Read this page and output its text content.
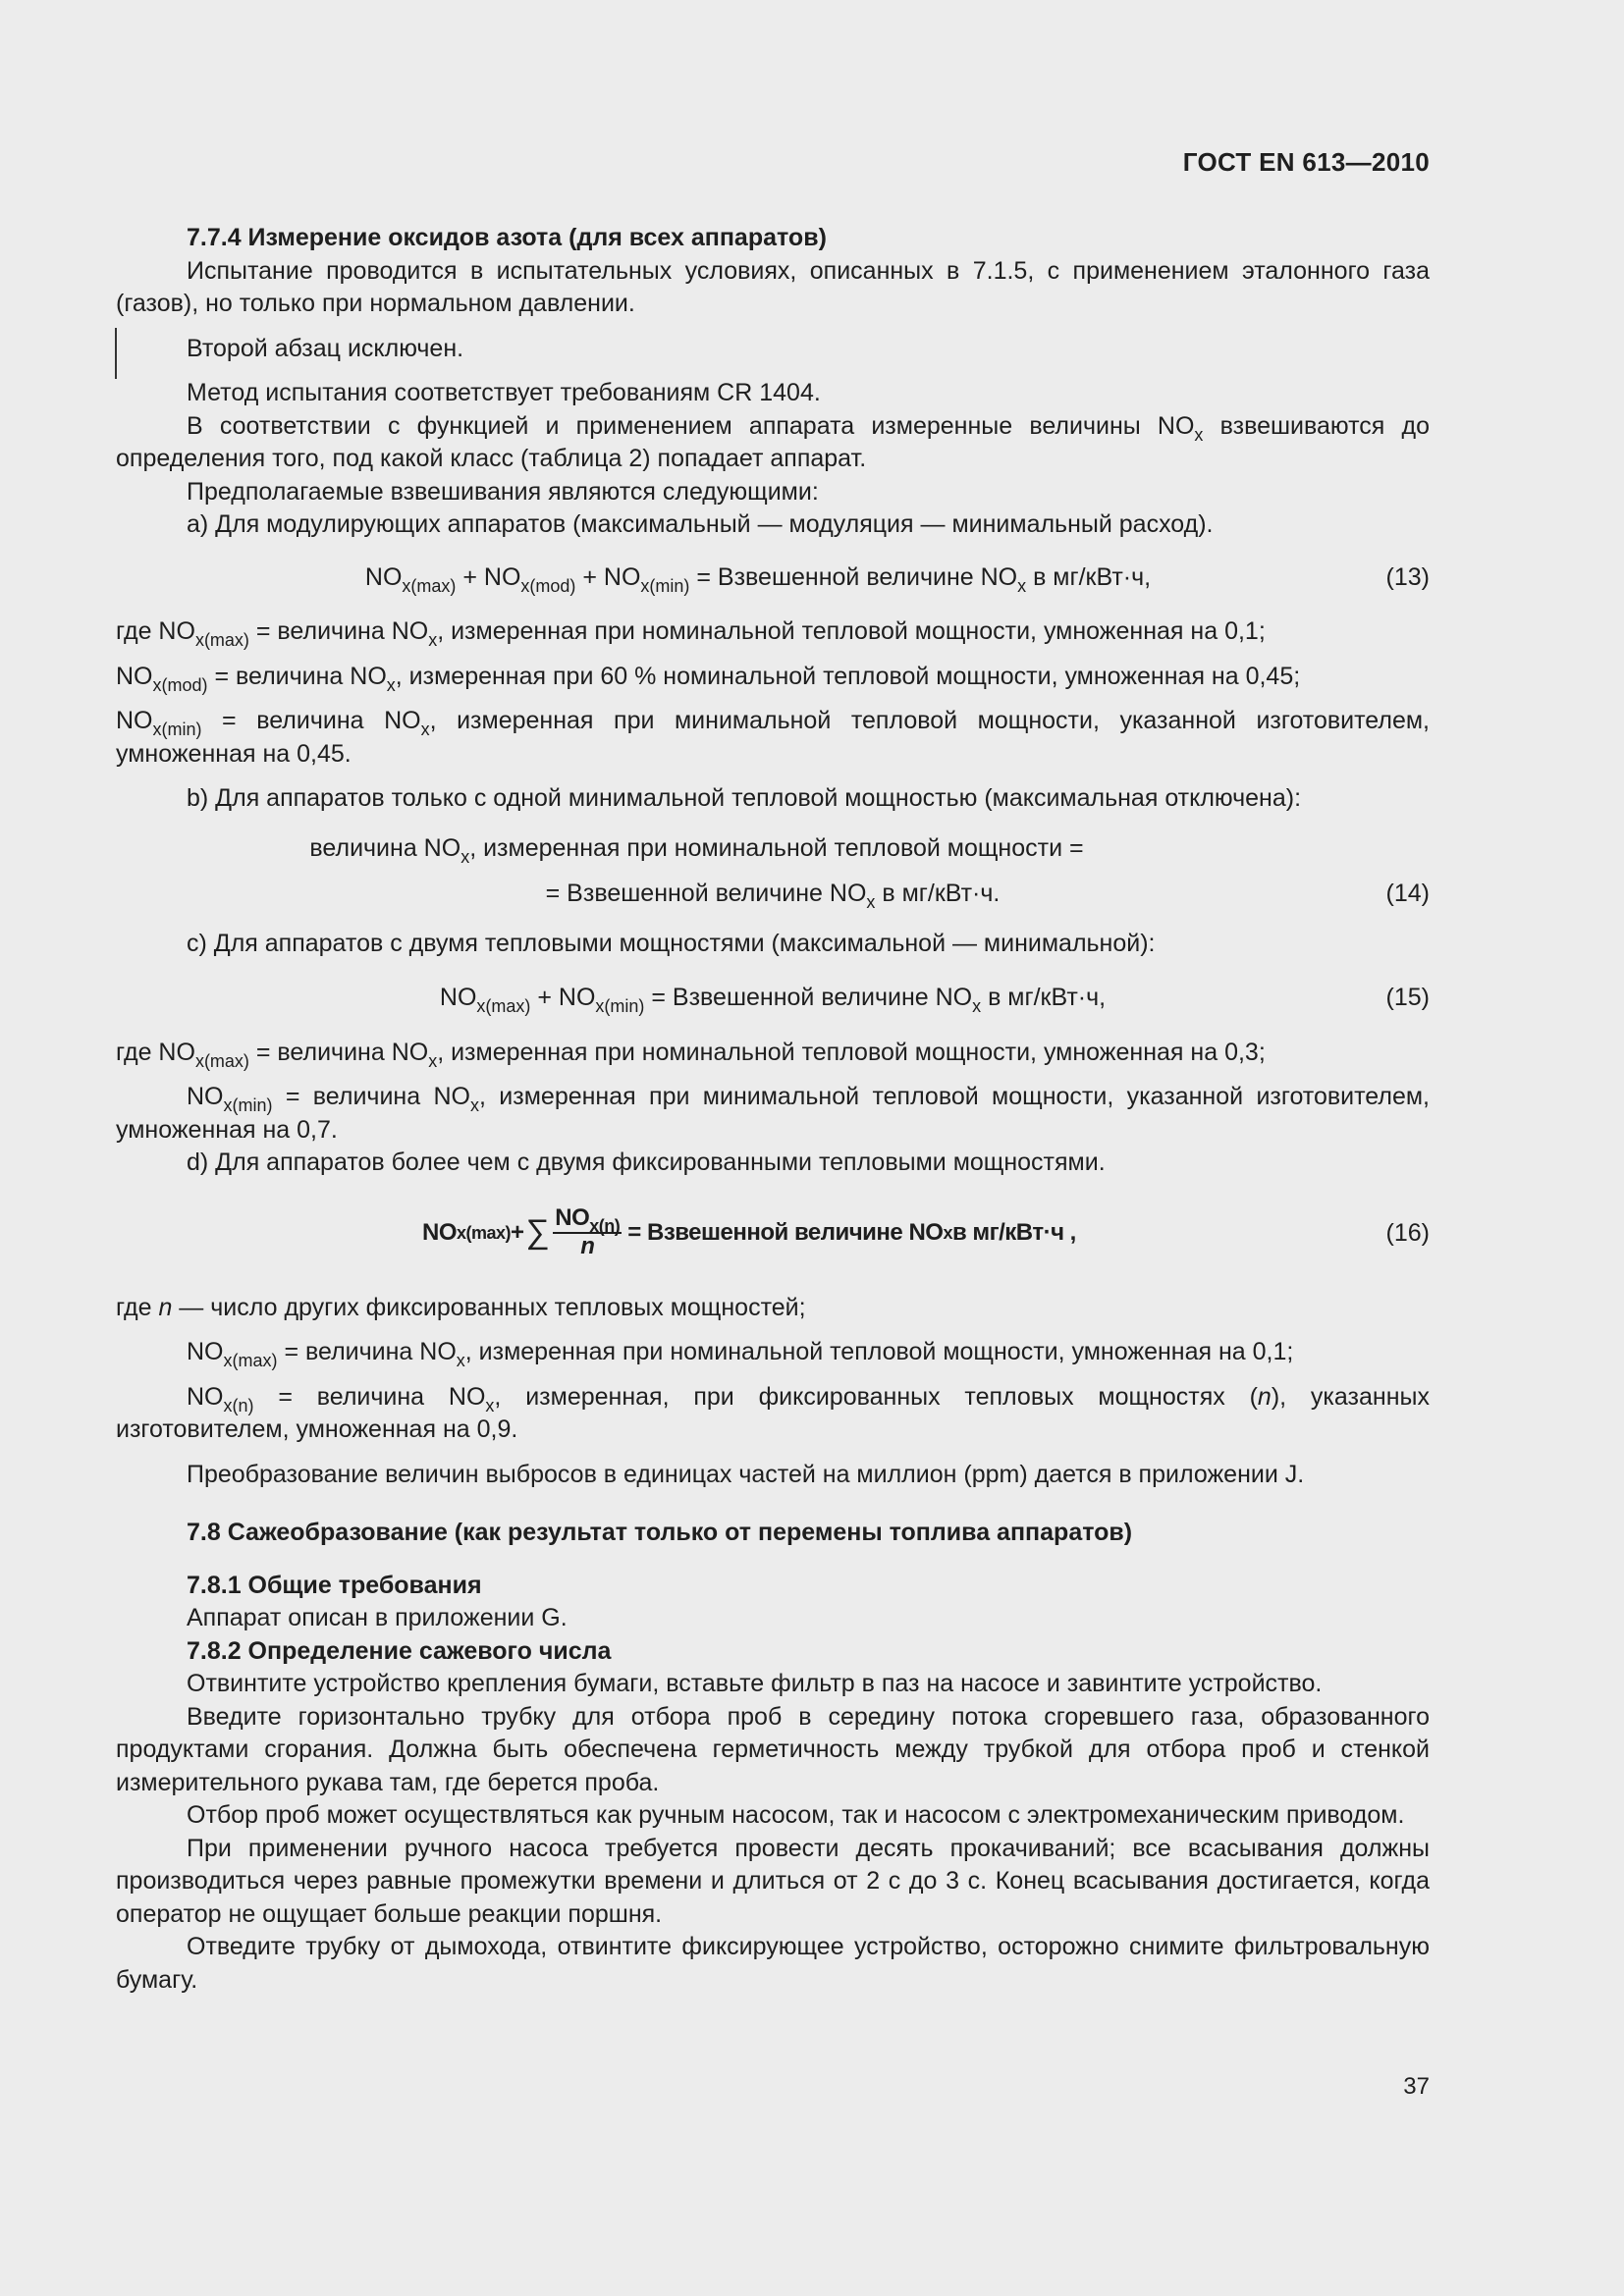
ГОСТ EN 613—2010

7.7.4 Измерение оксидов азота (для всех аппаратов)

Испытание проводится в испытательных условиях, описанных в 7.1.5, с применением эталонного газа (газов), но только при нормальном давлении.

Второй абзац исключен.

Метод испытания соответствует требованиям CR 1404.

В соответствии с функцией и применением аппарата измеренные величины $NO_x$ взвешиваются до определения того, под какой класс (таблица 2) попадает аппарат.

Предполагаемые взвешивания являются следующими:

a) Для модулирующих аппаратов (максимальный — модуляция — минимальный расход).

$NO_{x(max)} + NO_{x(mod)} + NO_{x(min)}$ = Взвешенной величине $NO_x$ в мг/кВт·ч,	(13)

где $NO_{x(max)}$ = величина $NO_x$, измеренная при номинальной тепловой мощности, умноженная на 0,1;

$NO_{x(mod)}$ = величина $NO_x$, измеренная при 60 % номинальной тепловой мощности, умноженная на 0,45;

$NO_{x(min)}$ = величина $NO_x$, измеренная при минимальной тепловой мощности, указанной изготовителем, умноженная на 0,45.

b) Для аппаратов только с одной минимальной тепловой мощностью (максимальная отключена):

величина $NO_x$, измеренная при номинальной тепловой мощности =
= Взвешенной величине $NO_x$ в мг/кВт·ч.	(14)

c) Для аппаратов с двумя тепловыми мощностями (максимальной — минимальной):

$NO_{x(max)} + NO_{x(min)}$ = Взвешенной величине $NO_x$ в мг/кВт·ч,	(15)

где $NO_{x(max)}$ = величина $NO_x$, измеренная при номинальной тепловой мощности, умноженная на 0,3;

$NO_{x(min)}$ = величина $NO_x$, измеренная при минимальной тепловой мощности, указанной изготовителем, умноженная на 0,7.

d) Для аппаратов более чем с двумя фиксированными тепловыми мощностями.

NO x(max) + ∑ $\frac{NO_{x(n)}}{n}$ = Взвешенной величине NO x в мг/кВт·ч ,	(16)

где n — число других фиксированных тепловых мощностей;

$NO_{x(max)}$ = величина $NO_x$, измеренная при номинальной тепловой мощности, умноженная на 0,1;

$NO_{x(n)}$ = величина $NO_x$, измеренная, при фиксированных тепловых мощностях (n), указанных изготовителем, умноженная на 0,9.

Преобразование величин выбросов в единицах частей на миллион (ppm) дается в приложении J.

7.8 Сажеобразование (как результат только от перемены топлива аппаратов)

7.8.1 Общие требования

Аппарат описан в приложении G.

7.8.2 Определение сажевого числа

Отвинтите устройство крепления бумаги, вставьте фильтр в паз на насосе и завинтите устройство.

Введите горизонтально трубку для отбора проб в середину потока сгоревшего газа, образованного продуктами сгорания. Должна быть обеспечена герметичность между трубкой для отбора проб и стенкой измерительного рукава там, где берется проба.

Отбор проб может осуществляться как ручным насосом, так и насосом с электромеханическим приводом.

При применении ручного насоса требуется провести десять прокачиваний; все всасывания должны производиться через равные промежутки времени и длиться от 2 с до 3 с. Конец всасывания достигается, когда оператор не ощущает больше реакции поршня.

Отведите трубку от дымохода, отвинтите фиксирующее устройство, осторожно снимите фильтровальную бумагу.

37
